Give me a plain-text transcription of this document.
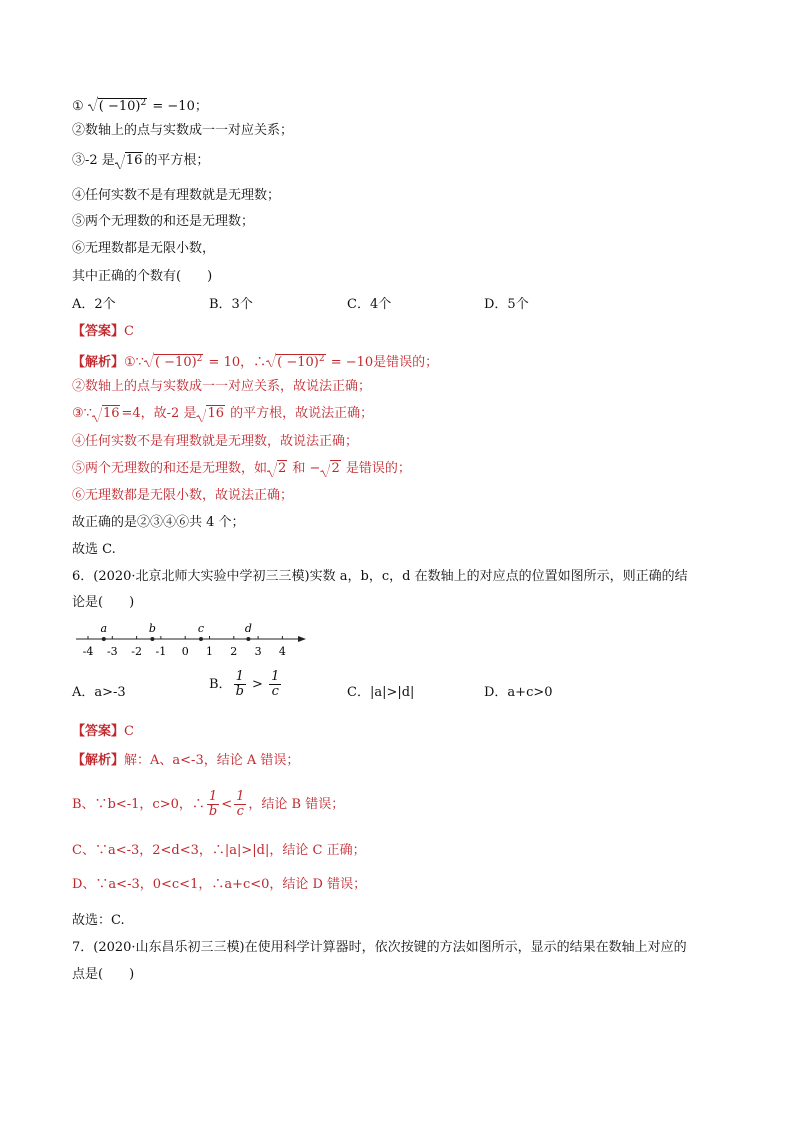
① ( −10)$^2$ = −10；
②数轴上的点与实数成一一对应关系；
③-2 是 16 的平方根；
④任何实数不是有理数就是无理数；
⑤两个无理数的和还是无理数；
⑥无理数都是无限小数，
其中正确的个数有(　　)
A．2个	B．3个	C．4个	D．5个
【答案】C
【解析】①∵ ( −10)$^2$ = 10，∴ ( −10)$^2$ = −10是错误的；
②数轴上的点与实数成一一对应关系，故说法正确；
③∵ 16 =4，故-2 是 16 的平方根，故说法正确；
④任何实数不是有理数就是无理数，故说法正确；
⑤两个无理数的和还是无理数，如 2 和 − 2 是错误的；
⑥无理数都是无限小数，故说法正确；
故正确的是②③④⑥共 4 个；
故选 C.
6．(2020·北京北师大实验中学初三三模)实数 a，b，c，d 在数轴上的对应点的位置如图所示，则正确的结
论是(　　)
-4 -3 -2 -1 0 1 2 3 4
a	b	c	d
A．a>-3
B． $\frac{1}{b} > \frac{1}{c}$	C．|a|>|d|	D．a+c>0
【答案】C
【解析】解：A、a<-3，结论 A 错误；
B、∵b<-1，c>0，∴ $\frac{1}{b} < \frac{1}{c}$ ，结论 B 错误；
C、∵a<-3，2<d<3，∴|a|>|d|，结论 C 正确；
D、∵a<-3，0<c<1，∴a+c<0，结论 D 错误；
故选：C.
7．(2020·山东昌乐初三三模)在使用科学计算器时，依次按键的方法如图所示，显示的结果在数轴上对应的
点是(　　)
